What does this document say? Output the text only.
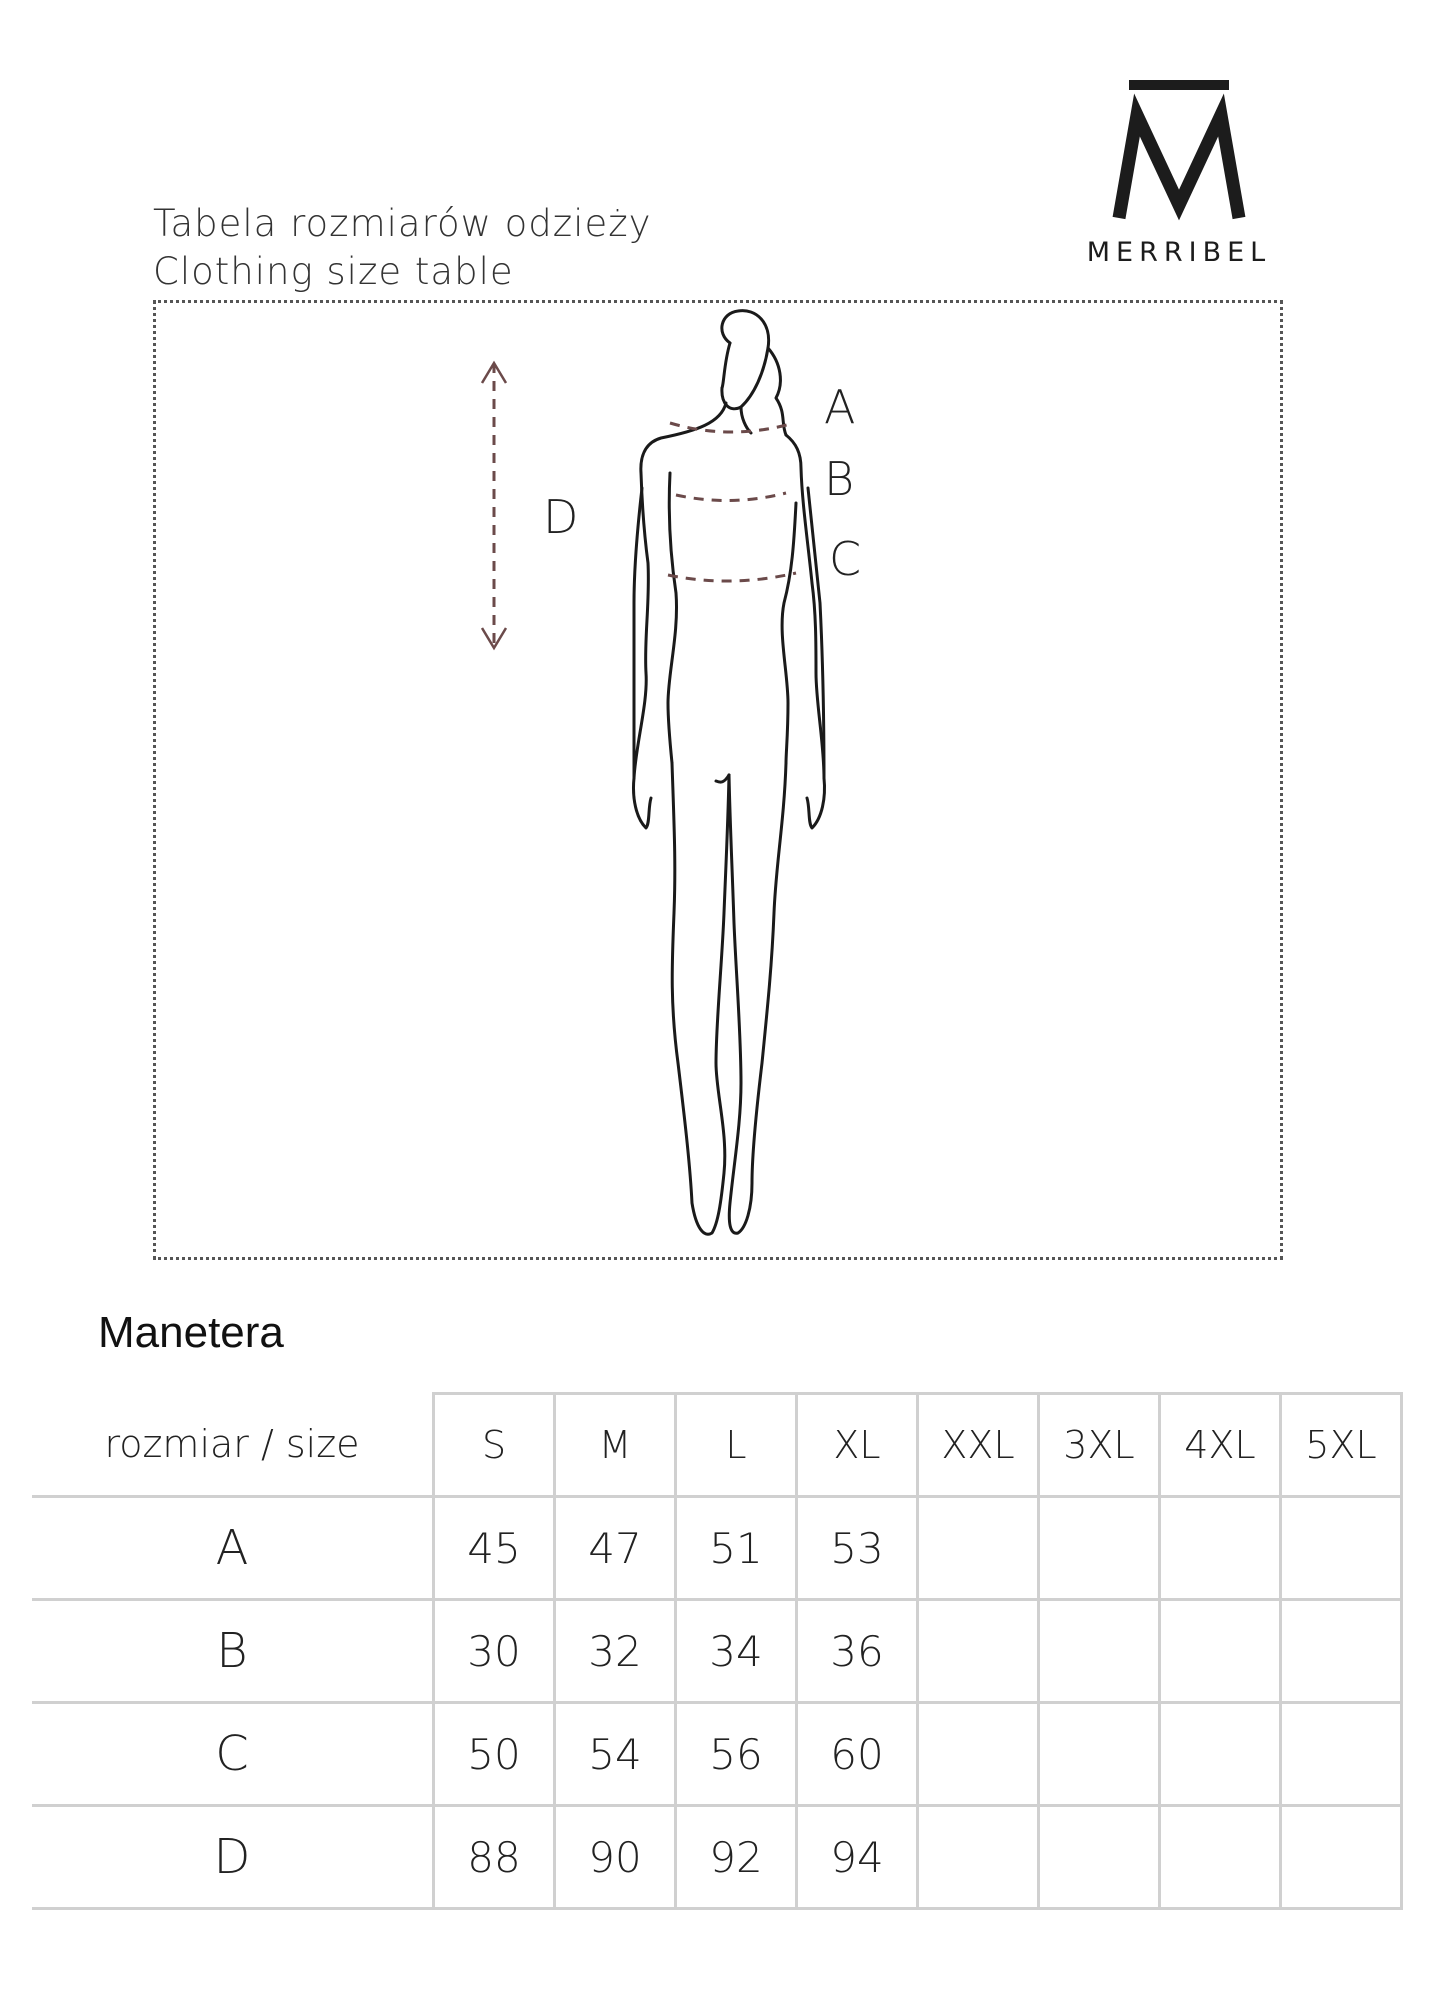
Tabela rozmiarów odzieży
Clothing size table	MERRIBEL
A
B
C
D
Manetera
rozmiar / size	S	M	L	XL	XXL	3XL	4XL	5XL
A	45	47	51	53				
B	30	32	34	36				
C	50	54	56	60				
D	88	90	92	94				
